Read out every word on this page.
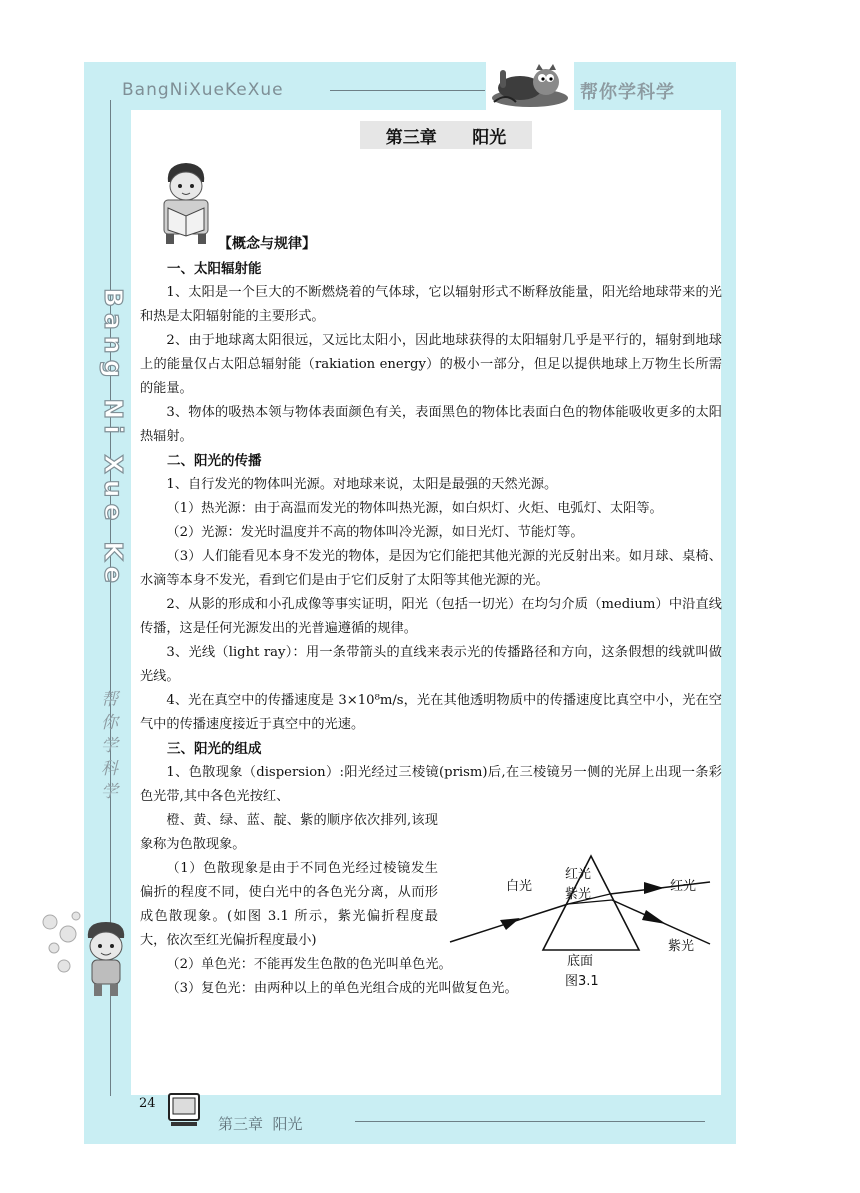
BangNiXueKeXue	帮你学科学
Bang Ni Xue Ke
帮你学科学
第三章      阳光
【概念与规律】

一、太阳辐射能

1、太阳是一个巨大的不断燃烧着的气体球，它以辐射形式不断释放能量，阳光给地球带来的光和热是太阳辐射能的主要形式。

2、由于地球离太阳很远，又远比太阳小，因此地球获得的太阳辐射几乎是平行的，辐射到地球上的能量仅占太阳总辐射能（rakiation energy）的极小一部分，但足以提供地球上万物生长所需的能量。

3、物体的吸热本领与物体表面颜色有关，表面黑色的物体比表面白色的物体能吸收更多的太阳热辐射。

二、阳光的传播

1、自行发光的物体叫光源。对地球来说，太阳是最强的天然光源。

（1）热光源：由于高温而发光的物体叫热光源，如白炽灯、火炬、电弧灯、太阳等。

（2）光源：发光时温度并不高的物体叫冷光源，如日光灯、节能灯等。

（3）人们能看见本身不发光的物体，是因为它们能把其他光源的光反射出来。如月球、桌椅、水滴等本身不发光，看到它们是由于它们反射了太阳等其他光源的光。

2、从影的形成和小孔成像等事实证明，阳光（包括一切光）在均匀介质（medium）中沿直线传播，这是任何光源发出的光普遍遵循的规律。

3、光线（light ray）：用一条带箭头的直线来表示光的传播路径和方向，这条假想的线就叫做光线。

4、光在真空中的传播速度是 3×10⁸m/s，光在其他透明物质中的传播速度比真空中小，光在空气中的传播速度接近于真空中的光速。

三、阳光的组成

1、色散现象（dispersion）:阳光经过三棱镜(prism)后,在三棱镜另一侧的光屏上出现一条彩色光带,其中各色光按红、

橙、黄、绿、蓝、靛、紫的顺序依次排列,该现象称为色散现象。

（1）色散现象是由于不同色光经过棱镜发生偏折的程度不同，使白光中的各色光分离，从而形成色散现象。(如图 3.1 所示，紫光偏折程度最大，依次至红光偏折程度最小)

（2）单色光：不能再发生色散的色光叫单色光。

（3）复色光：由两种以上的单色光组合成的光叫做复色光。

白光
红光
紫光
红光
紫光
底面
图3.1
24
第三章  阳光
